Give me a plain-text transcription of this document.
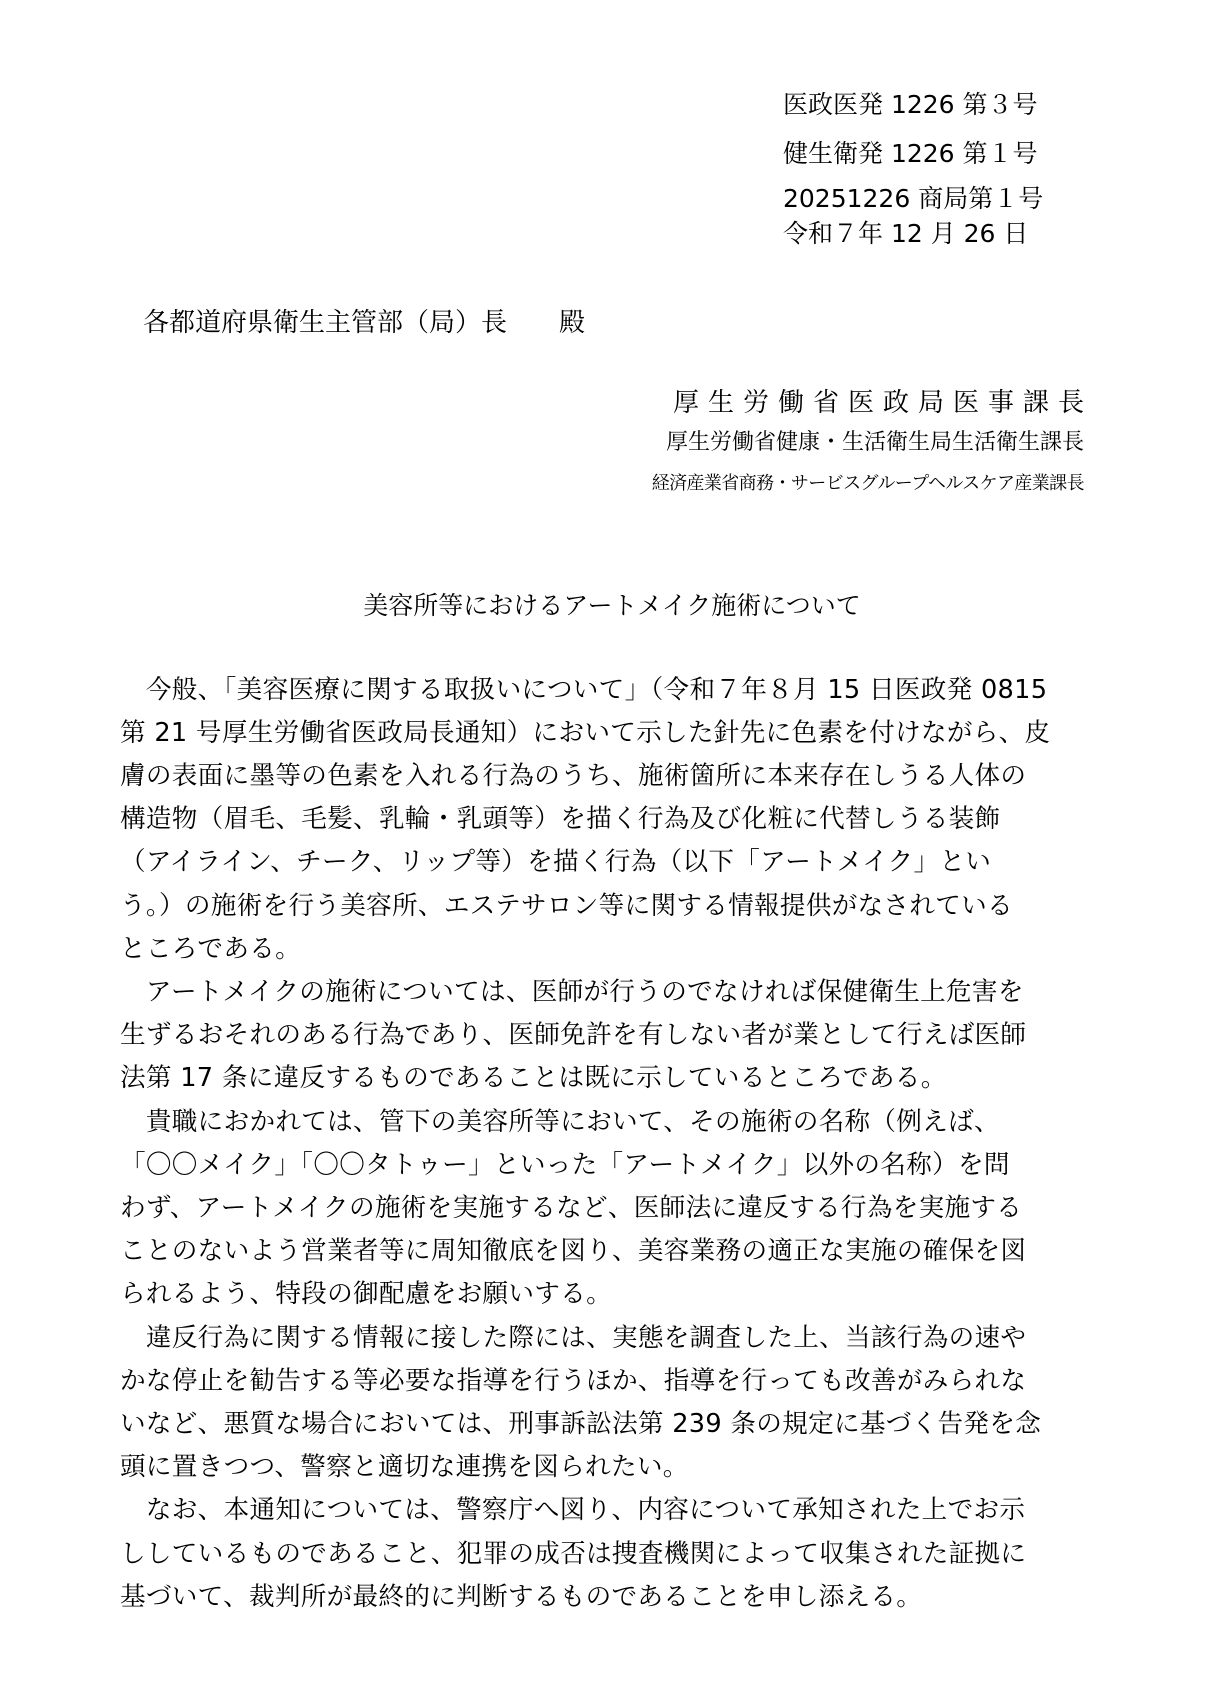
医政医発 1226 第３号
健生衛発 1226 第１号
20251226 商局第１号
令和７年 12 月 26 日
各都道府県衛生主管部（局）長　　殿
厚生労働省医政局医事課長
厚生労働省健康・生活衛生局生活衛生課長
経済産業省商務・サービスグループヘルスケア産業課長
美容所等におけるアートメイク施術について
　今般、「美容医療に関する取扱いについて」（令和７年８月 15 日医政発 0815
第 21 号厚生労働省医政局長通知）において示した針先に色素を付けながら、皮
膚の表面に墨等の色素を入れる行為のうち、施術箇所に本来存在しうる人体の
構造物（眉毛、毛髪、乳輪・乳頭等）を描く行為及び化粧に代替しうる装飾
（アイライン、チーク、リップ等）を描く行為（以下「アートメイク」とい
う。）の施術を行う美容所、エステサロン等に関する情報提供がなされている
ところである。
　アートメイクの施術については、医師が行うのでなければ保健衛生上危害を
生ずるおそれのある行為であり、医師免許を有しない者が業として行えば医師
法第 17 条に違反するものであることは既に示しているところである。
　貴職におかれては、管下の美容所等において、その施術の名称（例えば、
「〇〇メイク」「〇〇タトゥー」といった「アートメイク」以外の名称）を問
わず、アートメイクの施術を実施するなど、医師法に違反する行為を実施する
ことのないよう営業者等に周知徹底を図り、美容業務の適正な実施の確保を図
られるよう、特段の御配慮をお願いする。
　違反行為に関する情報に接した際には、実態を調査した上、当該行為の速や
かな停止を勧告する等必要な指導を行うほか、指導を行っても改善がみられな
いなど、悪質な場合においては、刑事訴訟法第 239 条の規定に基づく告発を念
頭に置きつつ、警察と適切な連携を図られたい。
　なお、本通知については、警察庁へ図り、内容について承知された上でお示
ししているものであること、犯罪の成否は捜査機関によって収集された証拠に
基づいて、裁判所が最終的に判断するものであることを申し添える。
